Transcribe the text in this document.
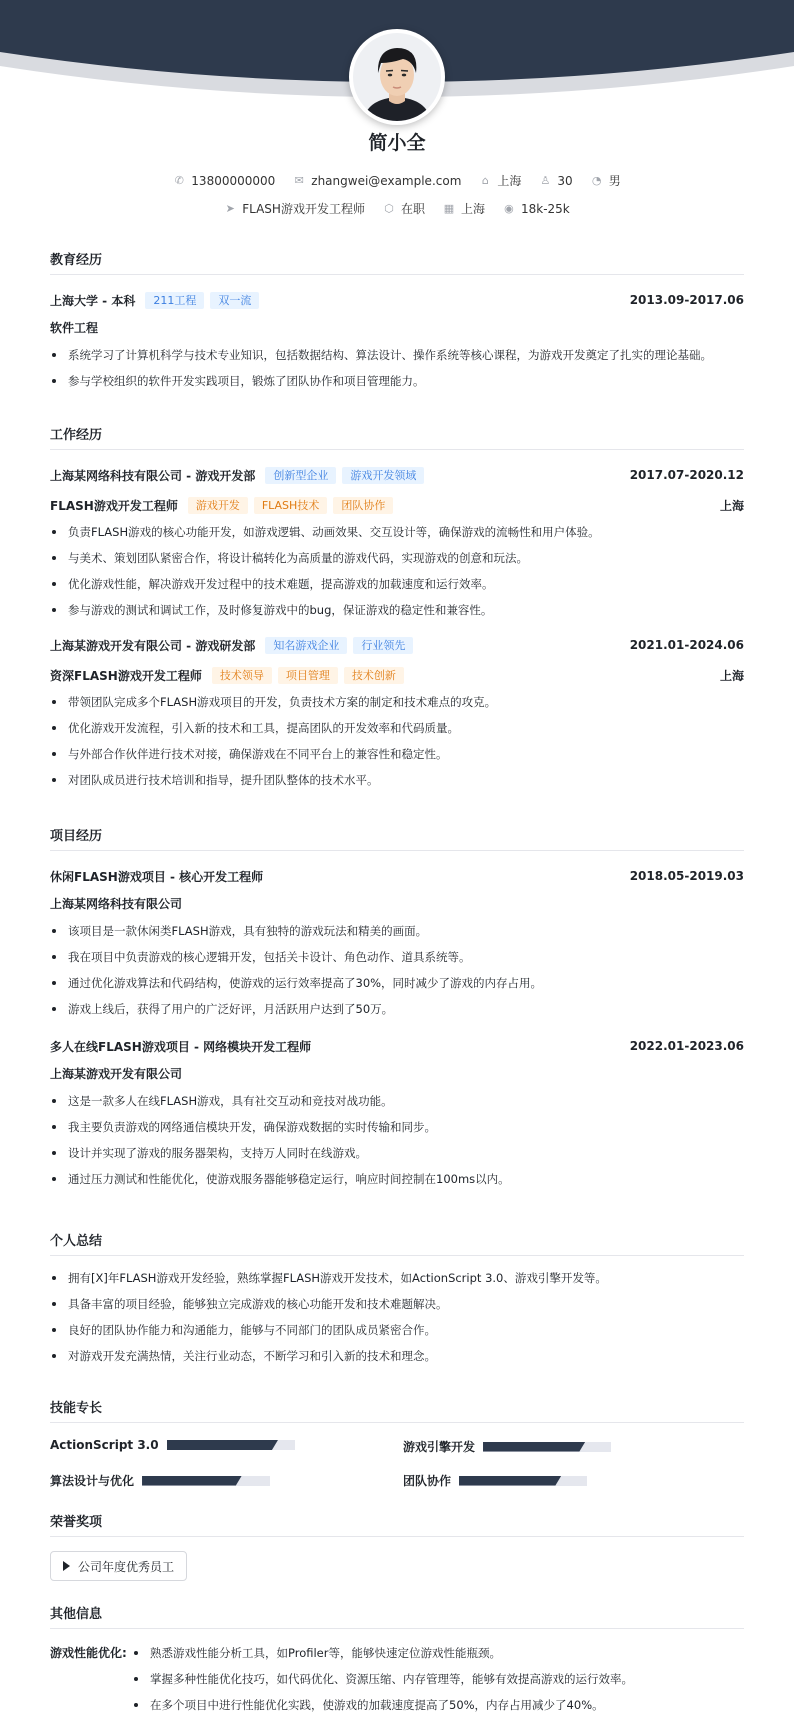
简小全
✆ 13800000000 ✉ zhangwei@example.com ⌂ 上海 ♙ 30 ◔ 男
➤ FLASH游戏开发工程师 ⬡ 在职 ▦ 上海 ◉ 18k-25k
教育经历
上海大学 - 本科	211工程	双一流	2013.09-2017.06
软件工程
系统学习了计算机科学与技术专业知识，包括数据结构、算法设计、操作系统等核心课程，为游戏开发奠定了扎实的理论基础。
参与学校组织的软件开发实践项目，锻炼了团队协作和项目管理能力。
工作经历
上海某网络科技有限公司 - 游戏开发部	创新型企业	游戏开发领域	2017.07-2020.12
FLASH游戏开发工程师	游戏开发	FLASH技术	团队协作	上海
负责FLASH游戏的核心功能开发，如游戏逻辑、动画效果、交互设计等，确保游戏的流畅性和用户体验。
与美术、策划团队紧密合作，将设计稿转化为高质量的游戏代码，实现游戏的创意和玩法。
优化游戏性能，解决游戏开发过程中的技术难题，提高游戏的加载速度和运行效率。
参与游戏的测试和调试工作，及时修复游戏中的bug，保证游戏的稳定性和兼容性。
上海某游戏开发有限公司 - 游戏研发部	知名游戏企业	行业领先	2021.01-2024.06
资深FLASH游戏开发工程师	技术领导	项目管理	技术创新	上海
带领团队完成多个FLASH游戏项目的开发，负责技术方案的制定和技术难点的攻克。
优化游戏开发流程，引入新的技术和工具，提高团队的开发效率和代码质量。
与外部合作伙伴进行技术对接，确保游戏在不同平台上的兼容性和稳定性。
对团队成员进行技术培训和指导，提升团队整体的技术水平。
项目经历
休闲FLASH游戏项目 - 核心开发工程师	2018.05-2019.03
上海某网络科技有限公司
该项目是一款休闲类FLASH游戏，具有独特的游戏玩法和精美的画面。
我在项目中负责游戏的核心逻辑开发，包括关卡设计、角色动作、道具系统等。
通过优化游戏算法和代码结构，使游戏的运行效率提高了30%，同时减少了游戏的内存占用。
游戏上线后，获得了用户的广泛好评，月活跃用户达到了50万。
多人在线FLASH游戏项目 - 网络模块开发工程师	2022.01-2023.06
上海某游戏开发有限公司
这是一款多人在线FLASH游戏，具有社交互动和竞技对战功能。
我主要负责游戏的网络通信模块开发，确保游戏数据的实时传输和同步。
设计并实现了游戏的服务器架构，支持万人同时在线游戏。
通过压力测试和性能优化，使游戏服务器能够稳定运行，响应时间控制在100ms以内。
个人总结
拥有[X]年FLASH游戏开发经验，熟练掌握FLASH游戏开发技术，如ActionScript 3.0、游戏引擎开发等。
具备丰富的项目经验，能够独立完成游戏的核心功能开发和技术难题解决。
良好的团队协作能力和沟通能力，能够与不同部门的团队成员紧密合作。
对游戏开发充满热情，关注行业动态，不断学习和引入新的技术和理念。
技能专长
ActionScript 3.0	游戏引擎开发
算法设计与优化	团队协作
荣誉奖项
公司年度优秀员工
其他信息
游戏性能优化:	熟悉游戏性能分析工具，如Profiler等，能够快速定位游戏性能瓶颈。
掌握多种性能优化技巧，如代码优化、资源压缩、内存管理等，能够有效提高游戏的运行效率。
在多个项目中进行性能优化实践，使游戏的加载速度提高了50%，内存占用减少了40%。
